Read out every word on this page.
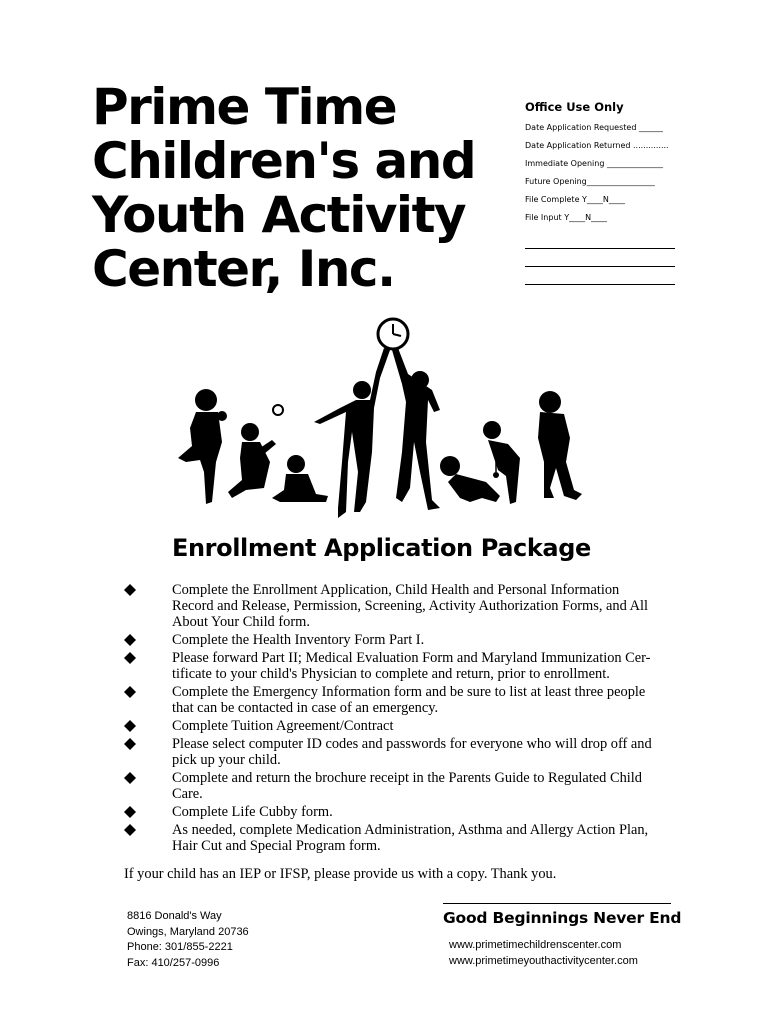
Prime Time
Children's and
Youth Activity
Center, Inc.
Office Use Only
Date Application Requested ______
Date Application Returned ..............
Immediate Opening ______________
Future Opening_________________
File Complete Y____N____
File Input Y____N____
Enrollment Application Package
Complete the Enrollment Application, Child Health and Personal Information Record and Release, Permission, Screening, Activity Authorization Forms, and All About Your Child form.
Complete the Health Inventory Form Part I.
Please forward Part II; Medical Evaluation Form and Maryland Immunization Cer-tificate to your child's Physician to complete and return, prior to enrollment.
Complete the Emergency Information form and be sure to list at least three people that can be contacted in case of an emergency.
Complete Tuition Agreement/Contract
Please select computer ID codes and passwords for everyone who will drop off and pick up your child.
Complete and return the brochure receipt in the Parents Guide to Regulated Child Care.
Complete Life Cubby form.
As needed, complete Medication Administration, Asthma and Allergy Action Plan, Hair Cut and Special Program form.
If your child has an IEP or IFSP, please provide us with a copy. Thank you.
8816 Donald's Way
Owings, Maryland 20736
Phone: 301/855-2221
Fax: 410/257-0996
Good Beginnings Never End
www.primetimechildrenscenter.com
www.primetimeyouthactivitycenter.com
